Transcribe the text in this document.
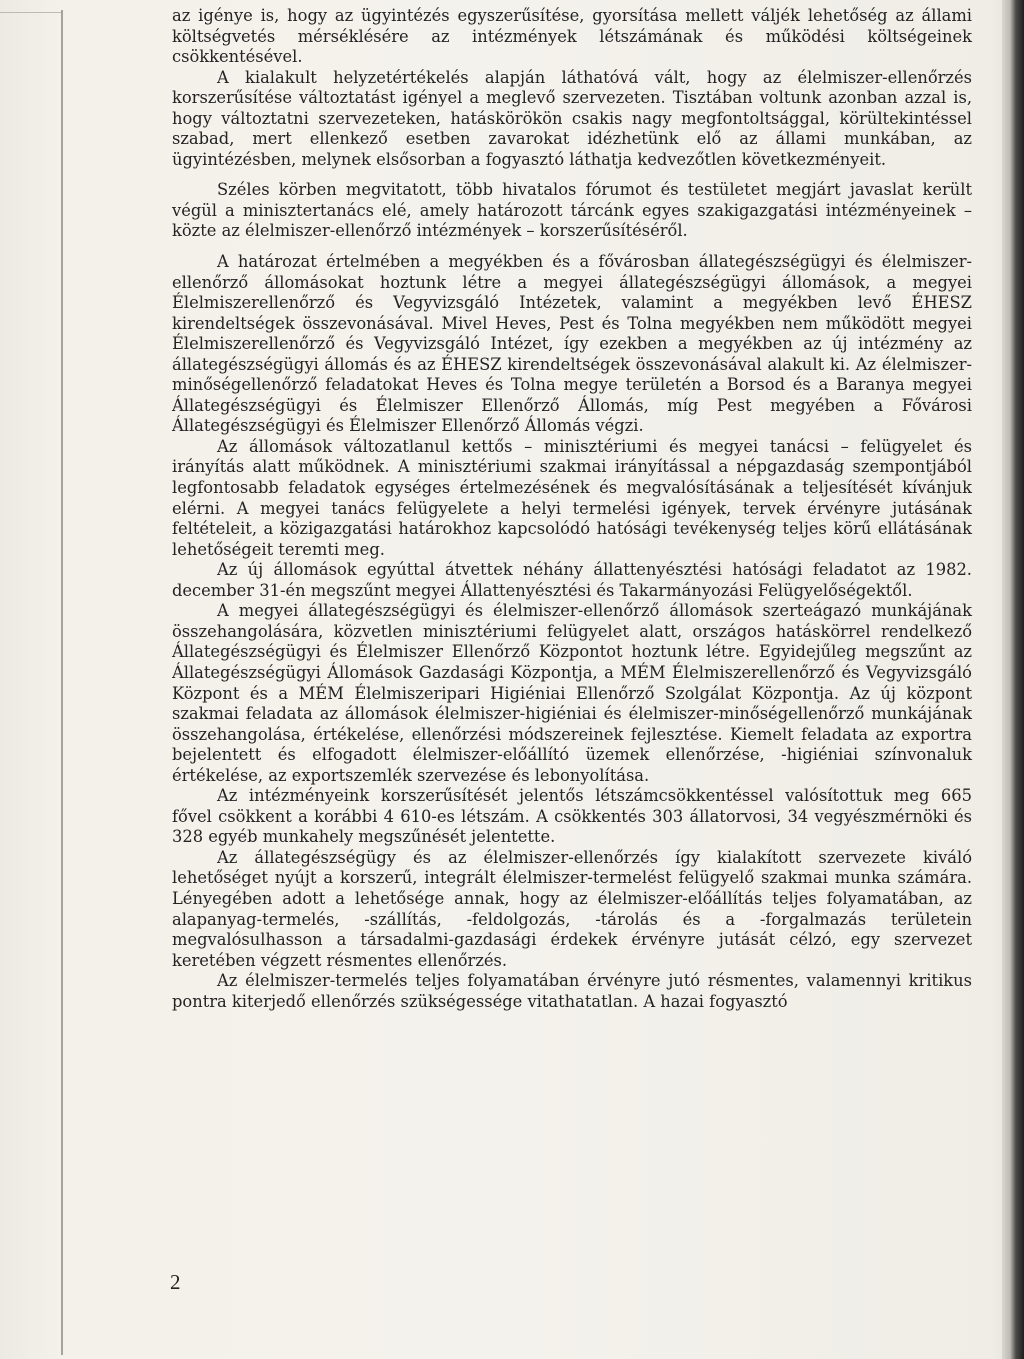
az igénye is, hogy az ügyintézés egyszerűsítése, gyorsítása mellett váljék lehetőség az állami költségvetés mérséklésére az intézmények létszámának és működési költségeinek csökkentésével.

A kialakult helyzetértékelés alapján láthatóvá vált, hogy az élelmiszer-ellenőrzés korszerűsítése változtatást igényel a meglevő szervezeten. Tisztában voltunk azonban azzal is, hogy változtatni szervezeteken, hatáskörökön csakis nagy megfontoltsággal, körültekintéssel szabad, mert ellenkező esetben zavarokat idézhetünk elő az állami munkában, az ügyintézésben, melynek elsősorban a fogyasztó láthatja kedvezőtlen következményeit.

Széles körben megvitatott, több hivatalos fórumot és testületet megjárt javaslat került végül a minisztertanács elé, amely határozott tárcánk egyes szakigazgatási intézményeinek – közte az élelmiszer-ellenőrző intézmények – korszerűsítéséről.

A határozat értelmében a megyékben és a fővárosban állategészségügyi és élelmiszer-ellenőrző állomásokat hoztunk létre a megyei állategészségügyi állomások, a megyei Élelmiszerellenőrző és Vegyvizsgáló Intézetek, valamint a megyékben levő ÉHESZ kirendeltségek összevonásával. Mivel Heves, Pest és Tolna megyékben nem működött megyei Élelmiszerellenőrző és Vegyvizsgáló Intézet, így ezekben a megyékben az új intézmény az állategészségügyi állomás és az ÉHESZ kirendeltségek összevonásával alakult ki. Az élelmiszer-minőségellenőrző feladatokat Heves és Tolna megye területén a Borsod és a Baranya megyei Állategészségügyi és Élelmiszer Ellenőrző Állomás, míg Pest megyében a Fővárosi Állategészségügyi és Élelmiszer Ellenőrző Állomás végzi.

Az állomások változatlanul kettős – minisztériumi és megyei tanácsi – felügyelet és irányítás alatt működnek. A minisztériumi szakmai irányítással a népgazdaság szempontjából legfontosabb feladatok egységes értelmezésének és megvalósításának a teljesítését kívánjuk elérni. A megyei tanács felügyelete a helyi termelési igények, tervek érvényre jutásának feltételeit, a közigazgatási határokhoz kapcsolódó hatósági tevékenység teljes körű ellátásának lehetőségeit teremti meg.

Az új állomások egyúttal átvettek néhány állattenyésztési hatósági feladatot az 1982. december 31-én megszűnt megyei Állattenyésztési és Takarmányozási Felügyelőségektől.

A megyei állategészségügyi és élelmiszer-ellenőrző állomások szerteágazó munkájának összehangolására, közvetlen minisztériumi felügyelet alatt, országos hatáskörrel rendelkező Állategészségügyi és Élelmiszer Ellenőrző Központot hoztunk létre. Egyidejűleg megszűnt az Állategészségügyi Állomások Gazdasági Központja, a MÉM Élelmiszerellenőrző és Vegyvizsgáló Központ és a MÉM Élelmiszeripari Higiéniai Ellenőrző Szolgálat Központja. Az új központ szakmai feladata az állomások élelmiszer-higiéniai és élelmiszer-minőségellenőrző munkájának összehangolása, értékelése, ellenőrzési módszereinek fejlesztése. Kiemelt feladata az exportra bejelentett és elfogadott élelmiszer-előállító üzemek ellenőrzése, -higiéniai színvonaluk értékelése, az exportszemlék szervezése és lebonyolítása.

Az intézményeink korszerűsítését jelentős létszámcsökkentéssel valósítottuk meg 665 fővel csökkent a korábbi 4 610-es létszám. A csökkentés 303 állatorvosi, 34 vegyészmérnöki és 328 egyéb munkahely megszűnését jelentette.

Az állategészségügy és az élelmiszer-ellenőrzés így kialakított szervezete kiváló lehetőséget nyújt a korszerű, integrált élelmiszer-termelést felügyelő szakmai munka számára. Lényegében adott a lehetősége annak, hogy az élelmiszer-előállítás teljes folyamatában, az alapanyag-termelés, -szállítás, -feldolgozás, -tárolás és a -forgalmazás területein megvalósulhasson a társadalmi-gazdasági érdekek érvényre jutását célzó, egy szervezet keretében végzett résmentes ellenőrzés.

Az élelmiszer-termelés teljes folyamatában érvényre jutó résmentes, valamennyi kritikus pontra kiterjedő ellenőrzés szükségessége vitathatatlan. A hazai fogyasztó

2
